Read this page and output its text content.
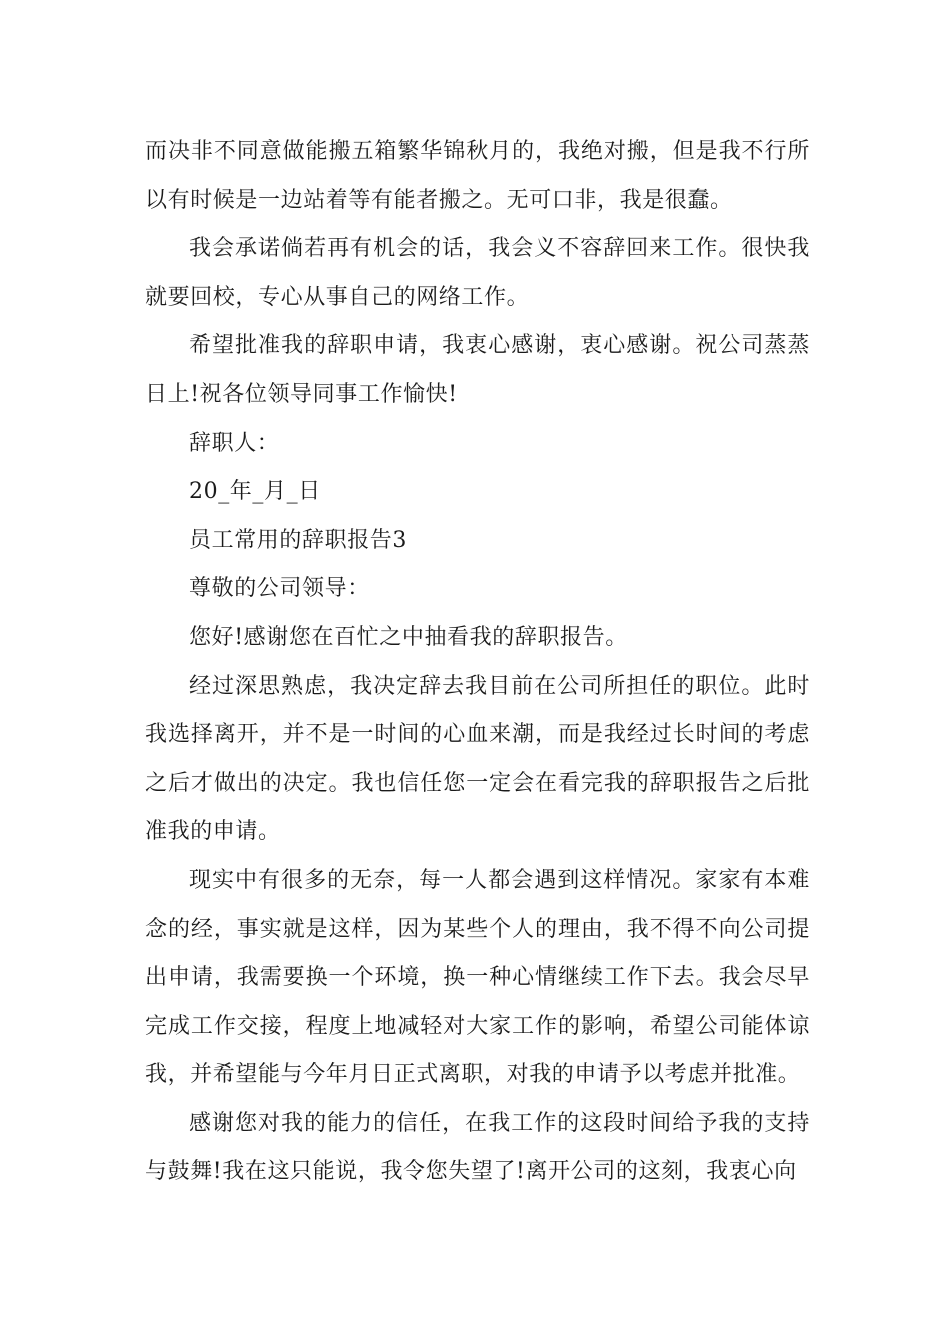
而决非不同意做能搬五箱繁华锦秋月的，我绝对搬，但是我不行所以有时候是一边站着等有能者搬之。无可口非，我是很蠢。

我会承诺倘若再有机会的话，我会义不容辞回来工作。很快我就要回校，专心从事自己的网络工作。

希望批准我的辞职申请，我衷心感谢，衷心感谢。祝公司蒸蒸日上!祝各位领导同事工作愉快!

辞职人：

20_年_月_日

员工常用的辞职报告3

尊敬的公司领导：

您好!感谢您在百忙之中抽看我的辞职报告。

经过深思熟虑，我决定辞去我目前在公司所担任的职位。此时我选择离开，并不是一时间的心血来潮，而是我经过长时间的考虑之后才做出的决定。我也信任您一定会在看完我的辞职报告之后批准我的申请。

现实中有很多的无奈，每一人都会遇到这样情况。家家有本难念的经，事实就是这样，因为某些个人的理由，我不得不向公司提出申请，我需要换一个环境，换一种心情继续工作下去。我会尽早完成工作交接，程度上地减轻对大家工作的影响，希望公司能体谅我，并希望能与今年月日正式离职，对我的申请予以考虑并批准。

感谢您对我的能力的信任，在我工作的这段时间给予我的支持与鼓舞!我在这只能说，我令您失望了!离开公司的这刻，我衷心向
